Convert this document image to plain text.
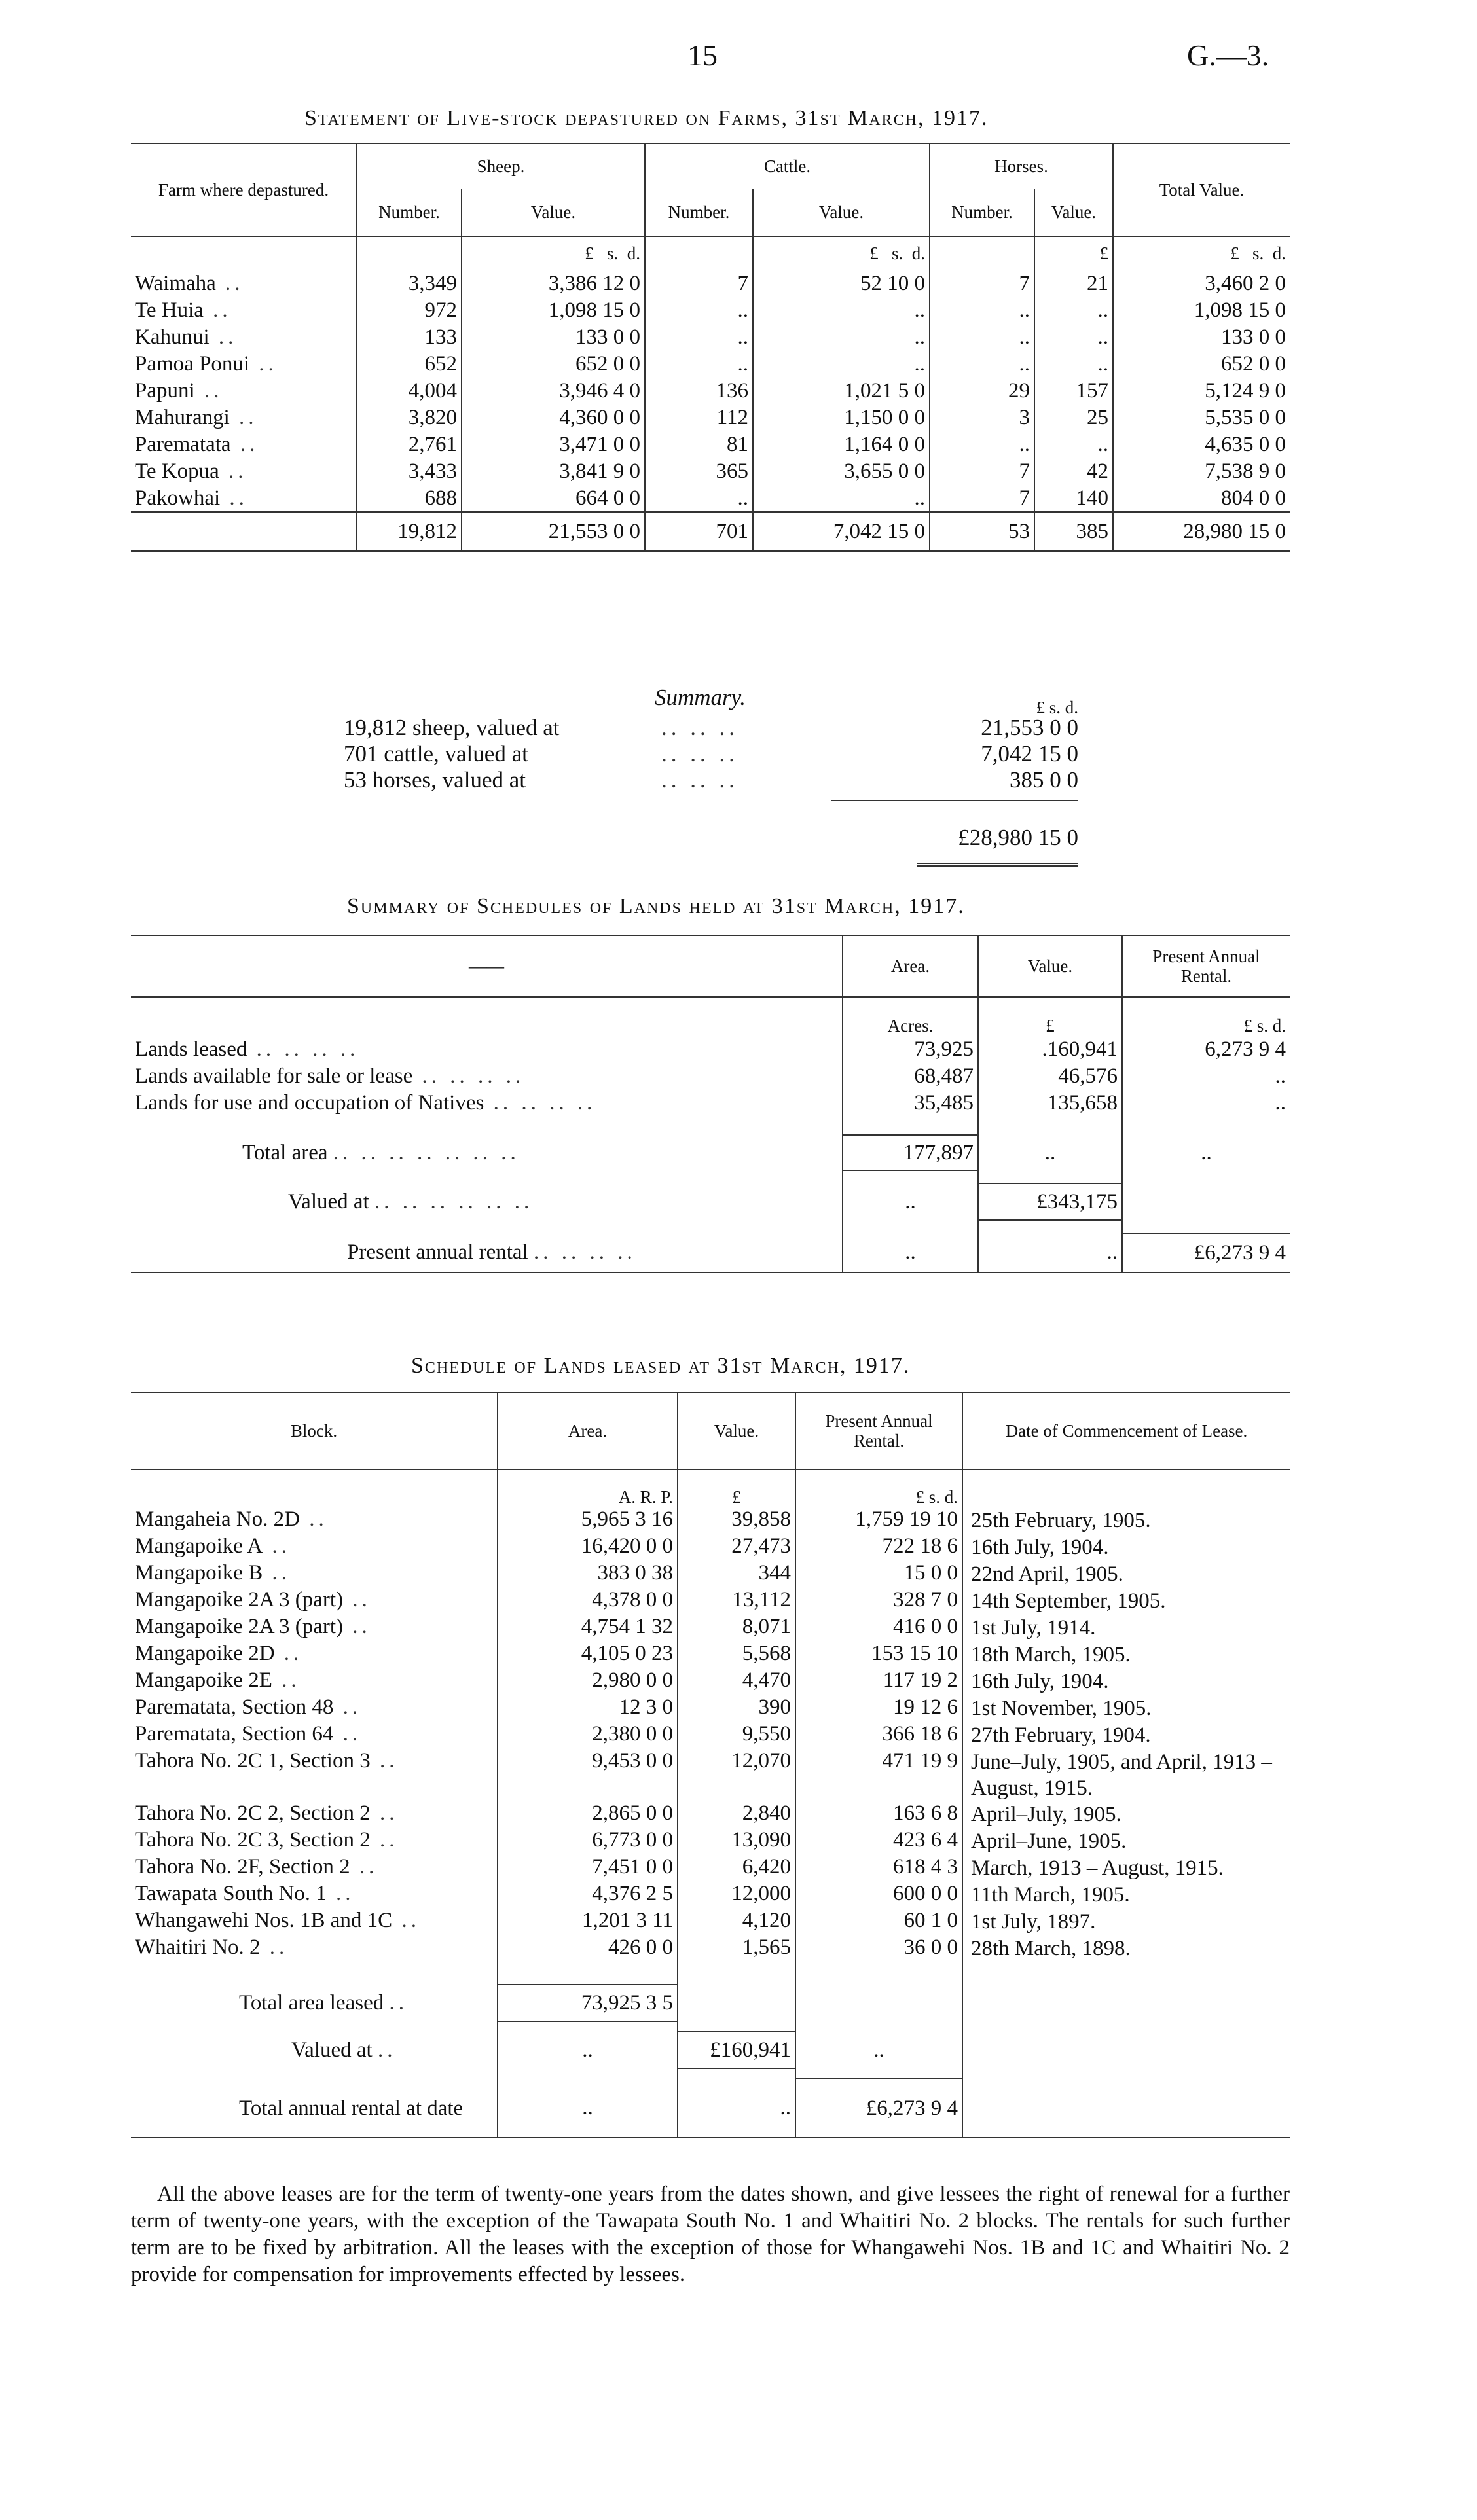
15	G.—3.
Statement of Live-stock depastured on Farms, 31st March, 1917.
Farm where depastured.	Sheep.		Cattle.		Horses.		Total Value.
	Number.	Value.	Number.	Value.	Number.	Value.	
		£ s. d.		£ s. d.		£	£ s. d.
Waimaha ..	3,349	3,386 12 0	7	52 10 0	7	21	3,460 2 0
Te Huia ..	972	1,098 15 0	..	..	..	..	1,098 15 0
Kahunui ..	133	133 0 0	..	..	..	..	133 0 0
Pamoa Ponui ..	652	652 0 0	..	..	..	..	652 0 0
Papuni ..	4,004	3,946 4 0	136	1,021 5 0	29	157	5,124 9 0
Mahurangi ..	3,820	4,360 0 0	112	1,150 0 0	3	25	5,535 0 0
Parematata ..	2,761	3,471 0 0	81	1,164 0 0	..	..	4,635 0 0
Te Kopua ..	3,433	3,841 9 0	365	3,655 0 0	7	42	7,538 9 0
Pakowhai ..	688	664 0 0	..	..	7	140	804 0 0
	19,812	21,553 0 0	701	7,042 15 0	53	385	28,980 15 0
Summary.	£ s. d.
19,812 sheep, valued at	.. .. ..	21,553 0 0
701 cattle, valued at	.. .. ..	7,042 15 0
53 horses, valued at	.. .. ..	385 0 0
£28,980 15 0
Summary of Schedules of Lands held at 31st March, 1917.
——	Area.	Value.	Present Annual Rental.
	Acres.	£	£ s. d.
Lands leased .. .. .. ..	73,925	.160,941	6,273 9 4
Lands available for sale or lease .. .. .. ..	68,487	46,576	..
Lands for use and occupation of Natives .. .. .. ..	35,485	135,658	..

Total area .. .. .. .. .. .. ..	177,897	..	..

Valued at .. .. .. .. .. ..	..	£343,175	

Present annual rental .. .. .. ..	..	..	£6,273 9 4
Schedule of Lands leased at 31st March, 1917.
Block.	Area.	Value.	Present Annual Rental.	Date of Commencement of Lease.
	A. R. P.	£	£ s. d.	
Mangaheia No. 2D ..	5,965 3 16	39,858	1,759 19 10	25th February, 1905.
Mangapoike A ..	16,420 0 0	27,473	722 18 6	16th July, 1904.
Mangapoike B ..	383 0 38	344	15 0 0	22nd April, 1905.
Mangapoike 2A 3 (part) ..	4,378 0 0	13,112	328 7 0	14th September, 1905.
Mangapoike 2A 3 (part) ..	4,754 1 32	8,071	416 0 0	1st July, 1914.
Mangapoike 2D ..	4,105 0 23	5,568	153 15 10	18th March, 1905.
Mangapoike 2E ..	2,980 0 0	4,470	117 19 2	16th July, 1904.
Parematata, Section 48 ..	12 3 0	390	19 12 6	1st November, 1905.
Parematata, Section 64 ..	2,380 0 0	9,550	366 18 6	27th February, 1904.
Tahora No. 2C 1, Section 3 ..	9,453 0 0	12,070	471 19 9	June–July, 1905, and April, 1913 – August, 1915.
Tahora No. 2C 2, Section 2 ..	2,865 0 0	2,840	163 6 8	April–July, 1905.
Tahora No. 2C 3, Section 2 ..	6,773 0 0	13,090	423 6 4	April–June, 1905.
Tahora No. 2F, Section 2 ..	7,451 0 0	6,420	618 4 3	March, 1913 – August, 1915.
Tawapata South No. 1 ..	4,376 2 5	12,000	600 0 0	11th March, 1905.
Whangawehi Nos. 1B and 1C ..	1,201 3 11	4,120	60 1 0	1st July, 1897.
Whaitiri No. 2 ..	426 0 0	1,565	36 0 0	28th March, 1898.

Total area leased ..	73,925 3 5			

Valued at ..	..	£160,941	..	

Total annual rental at date	..	..	£6,273 9 4	
All the above leases are for the term of twenty-one years from the dates shown, and give lessees the right of renewal for a further term of twenty-one years, with the exception of the Tawapata South No. 1 and Whaitiri No. 2 blocks. The rentals for such further term are to be fixed by arbitration. All the leases with the exception of those for Whangawehi Nos. 1B and 1C and Whaitiri No. 2 provide for compensation for improvements effected by lessees.
